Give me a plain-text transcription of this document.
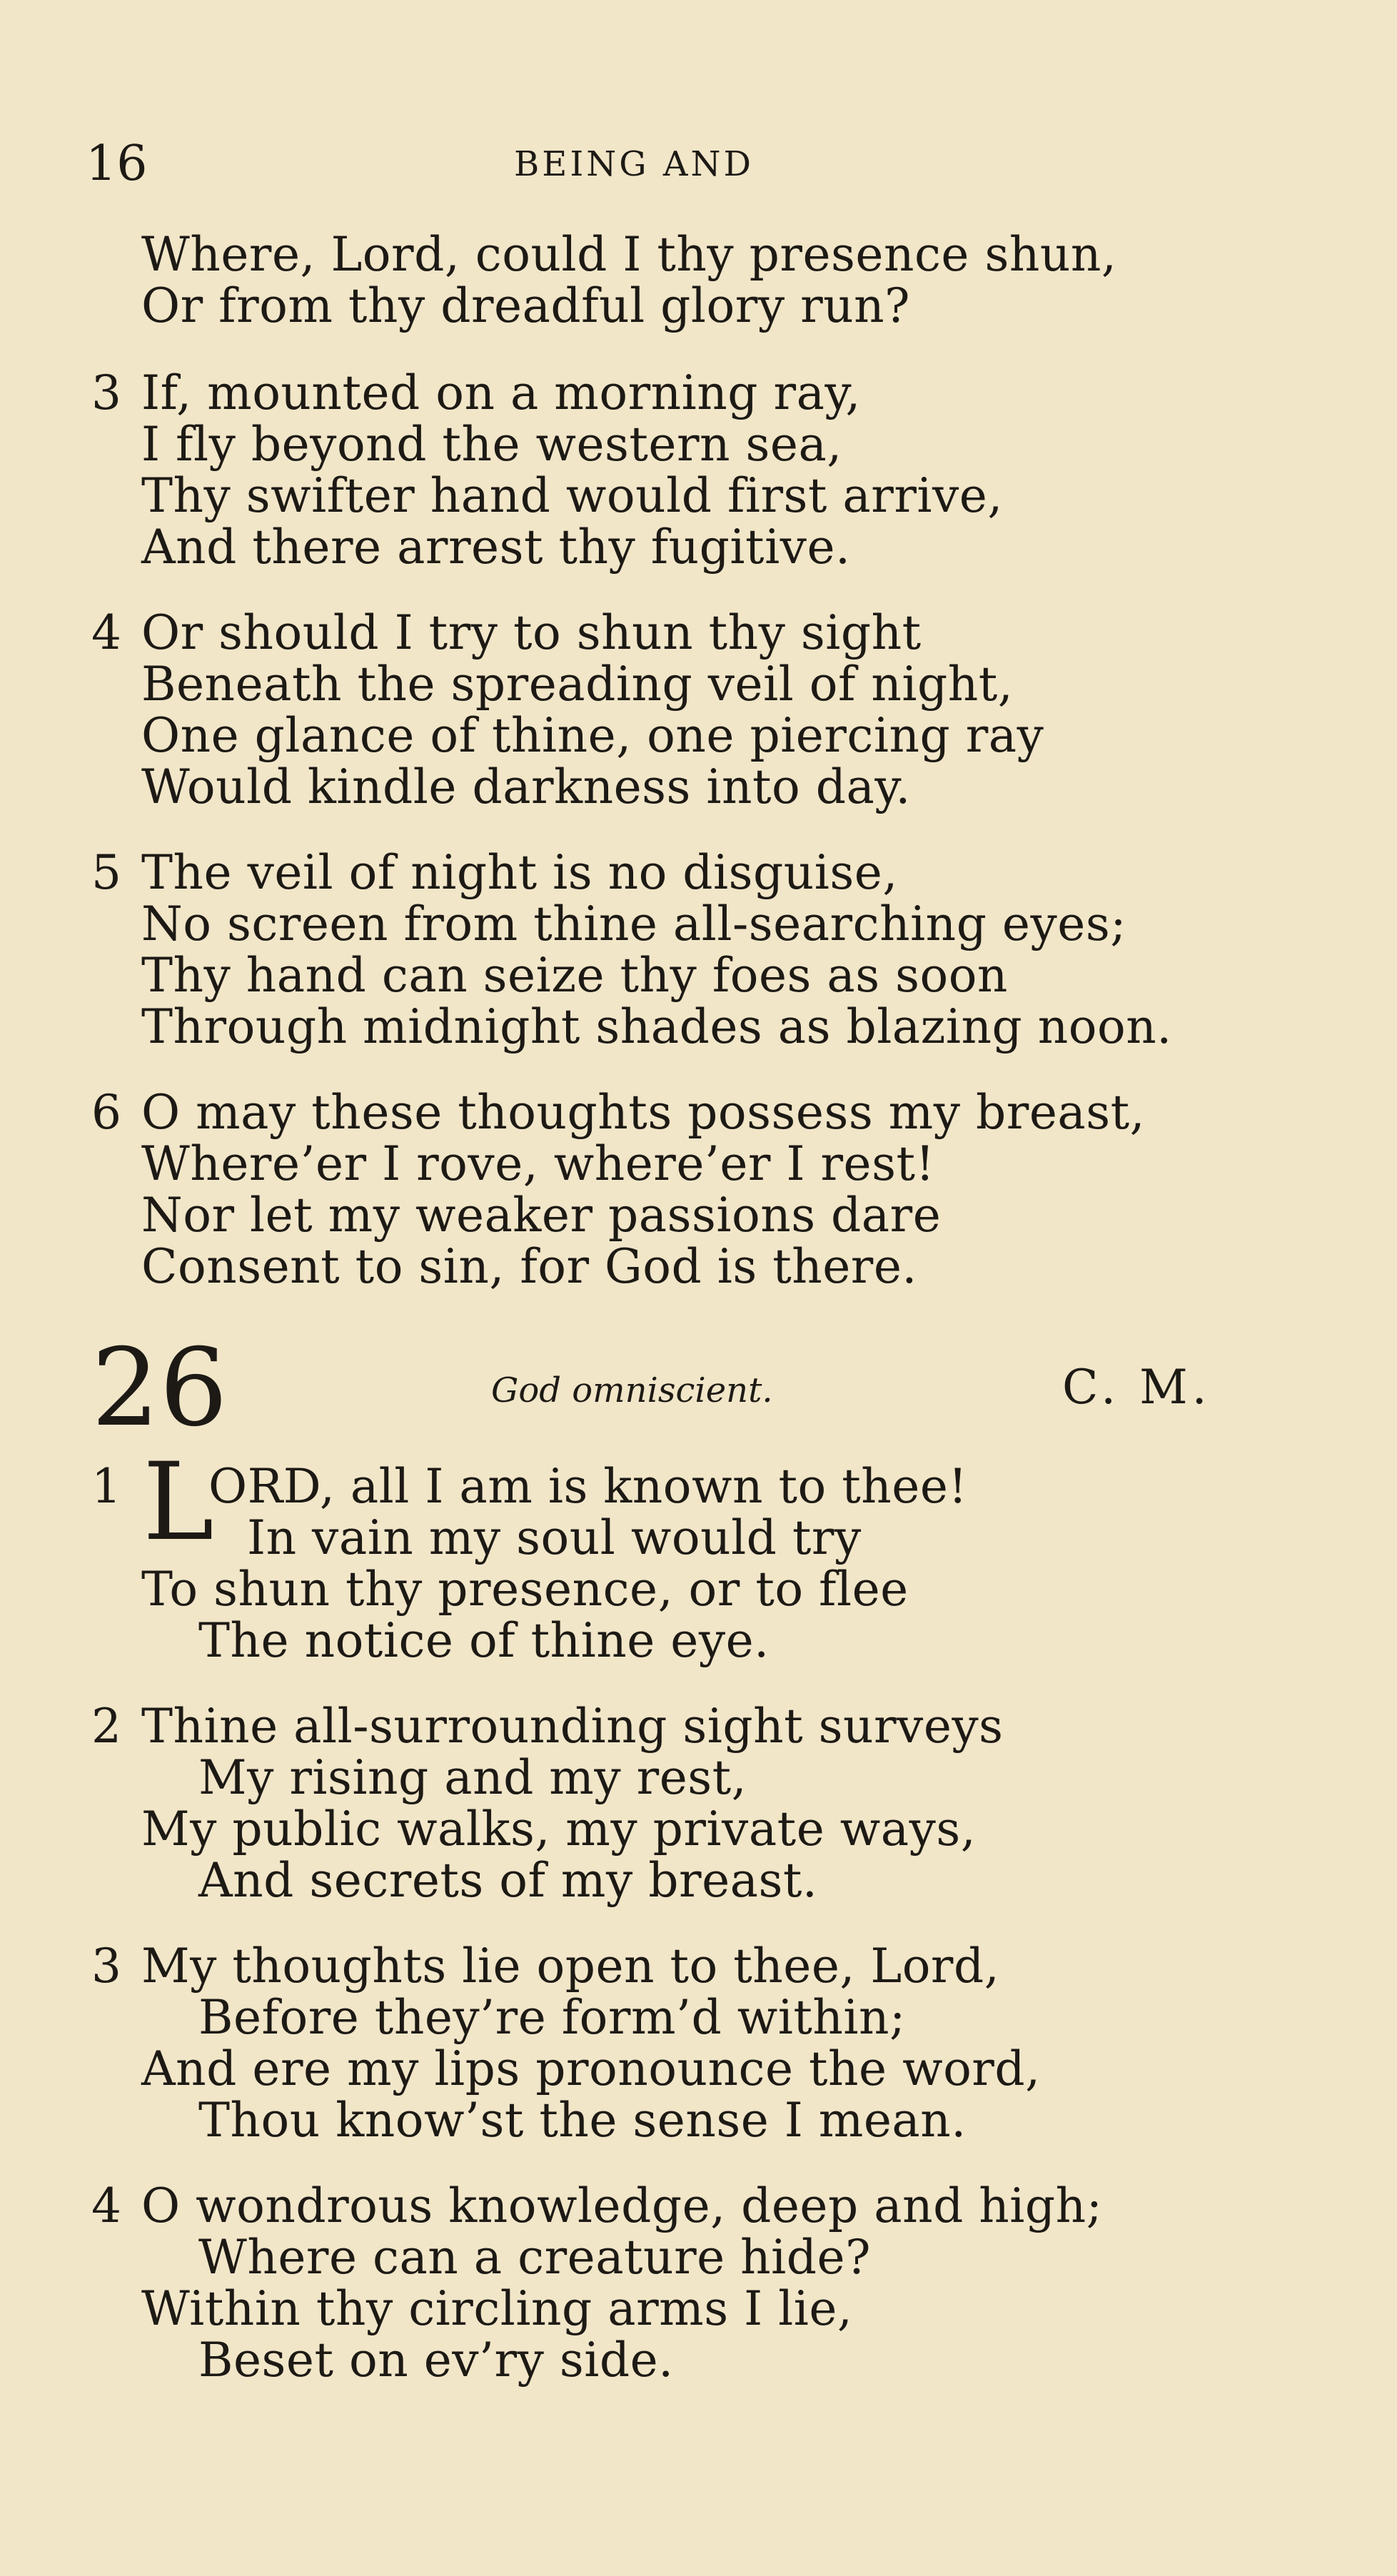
16	BEING AND
Where, Lord, could I thy presence shun,
Or from thy dreadful glory run?
3 If, mounted on a morning ray,
I fly beyond the western sea,
Thy swifter hand would first arrive,
And there arrest thy fugitive.
4 Or should I try to shun thy sight
Beneath the spreading veil of night,
One glance of thine, one piercing ray
Would kindle darkness into day.
5 The veil of night is no disguise,
No screen from thine all-searching eyes;
Thy hand can seize thy foes as soon
Through midnight shades as blazing noon.
6 O may these thoughts possess my breast,
Where’er I rove, where’er I rest!
Nor let my weaker passions dare
Consent to sin, for God is there.
26	God omniscient.	C. M.
1 L
ORD, all I am is known to thee!
In vain my soul would try
To shun thy presence, or to flee
The notice of thine eye.
2 Thine all-surrounding sight surveys
My rising and my rest,
My public walks, my private ways,
And secrets of my breast.
3 My thoughts lie open to thee, Lord,
Before they’re form’d within;
And ere my lips pronounce the word,
Thou know’st the sense I mean.
4 O wondrous knowledge, deep and high;
Where can a creature hide?
Within thy circling arms I lie,
Beset on ev’ry side.
